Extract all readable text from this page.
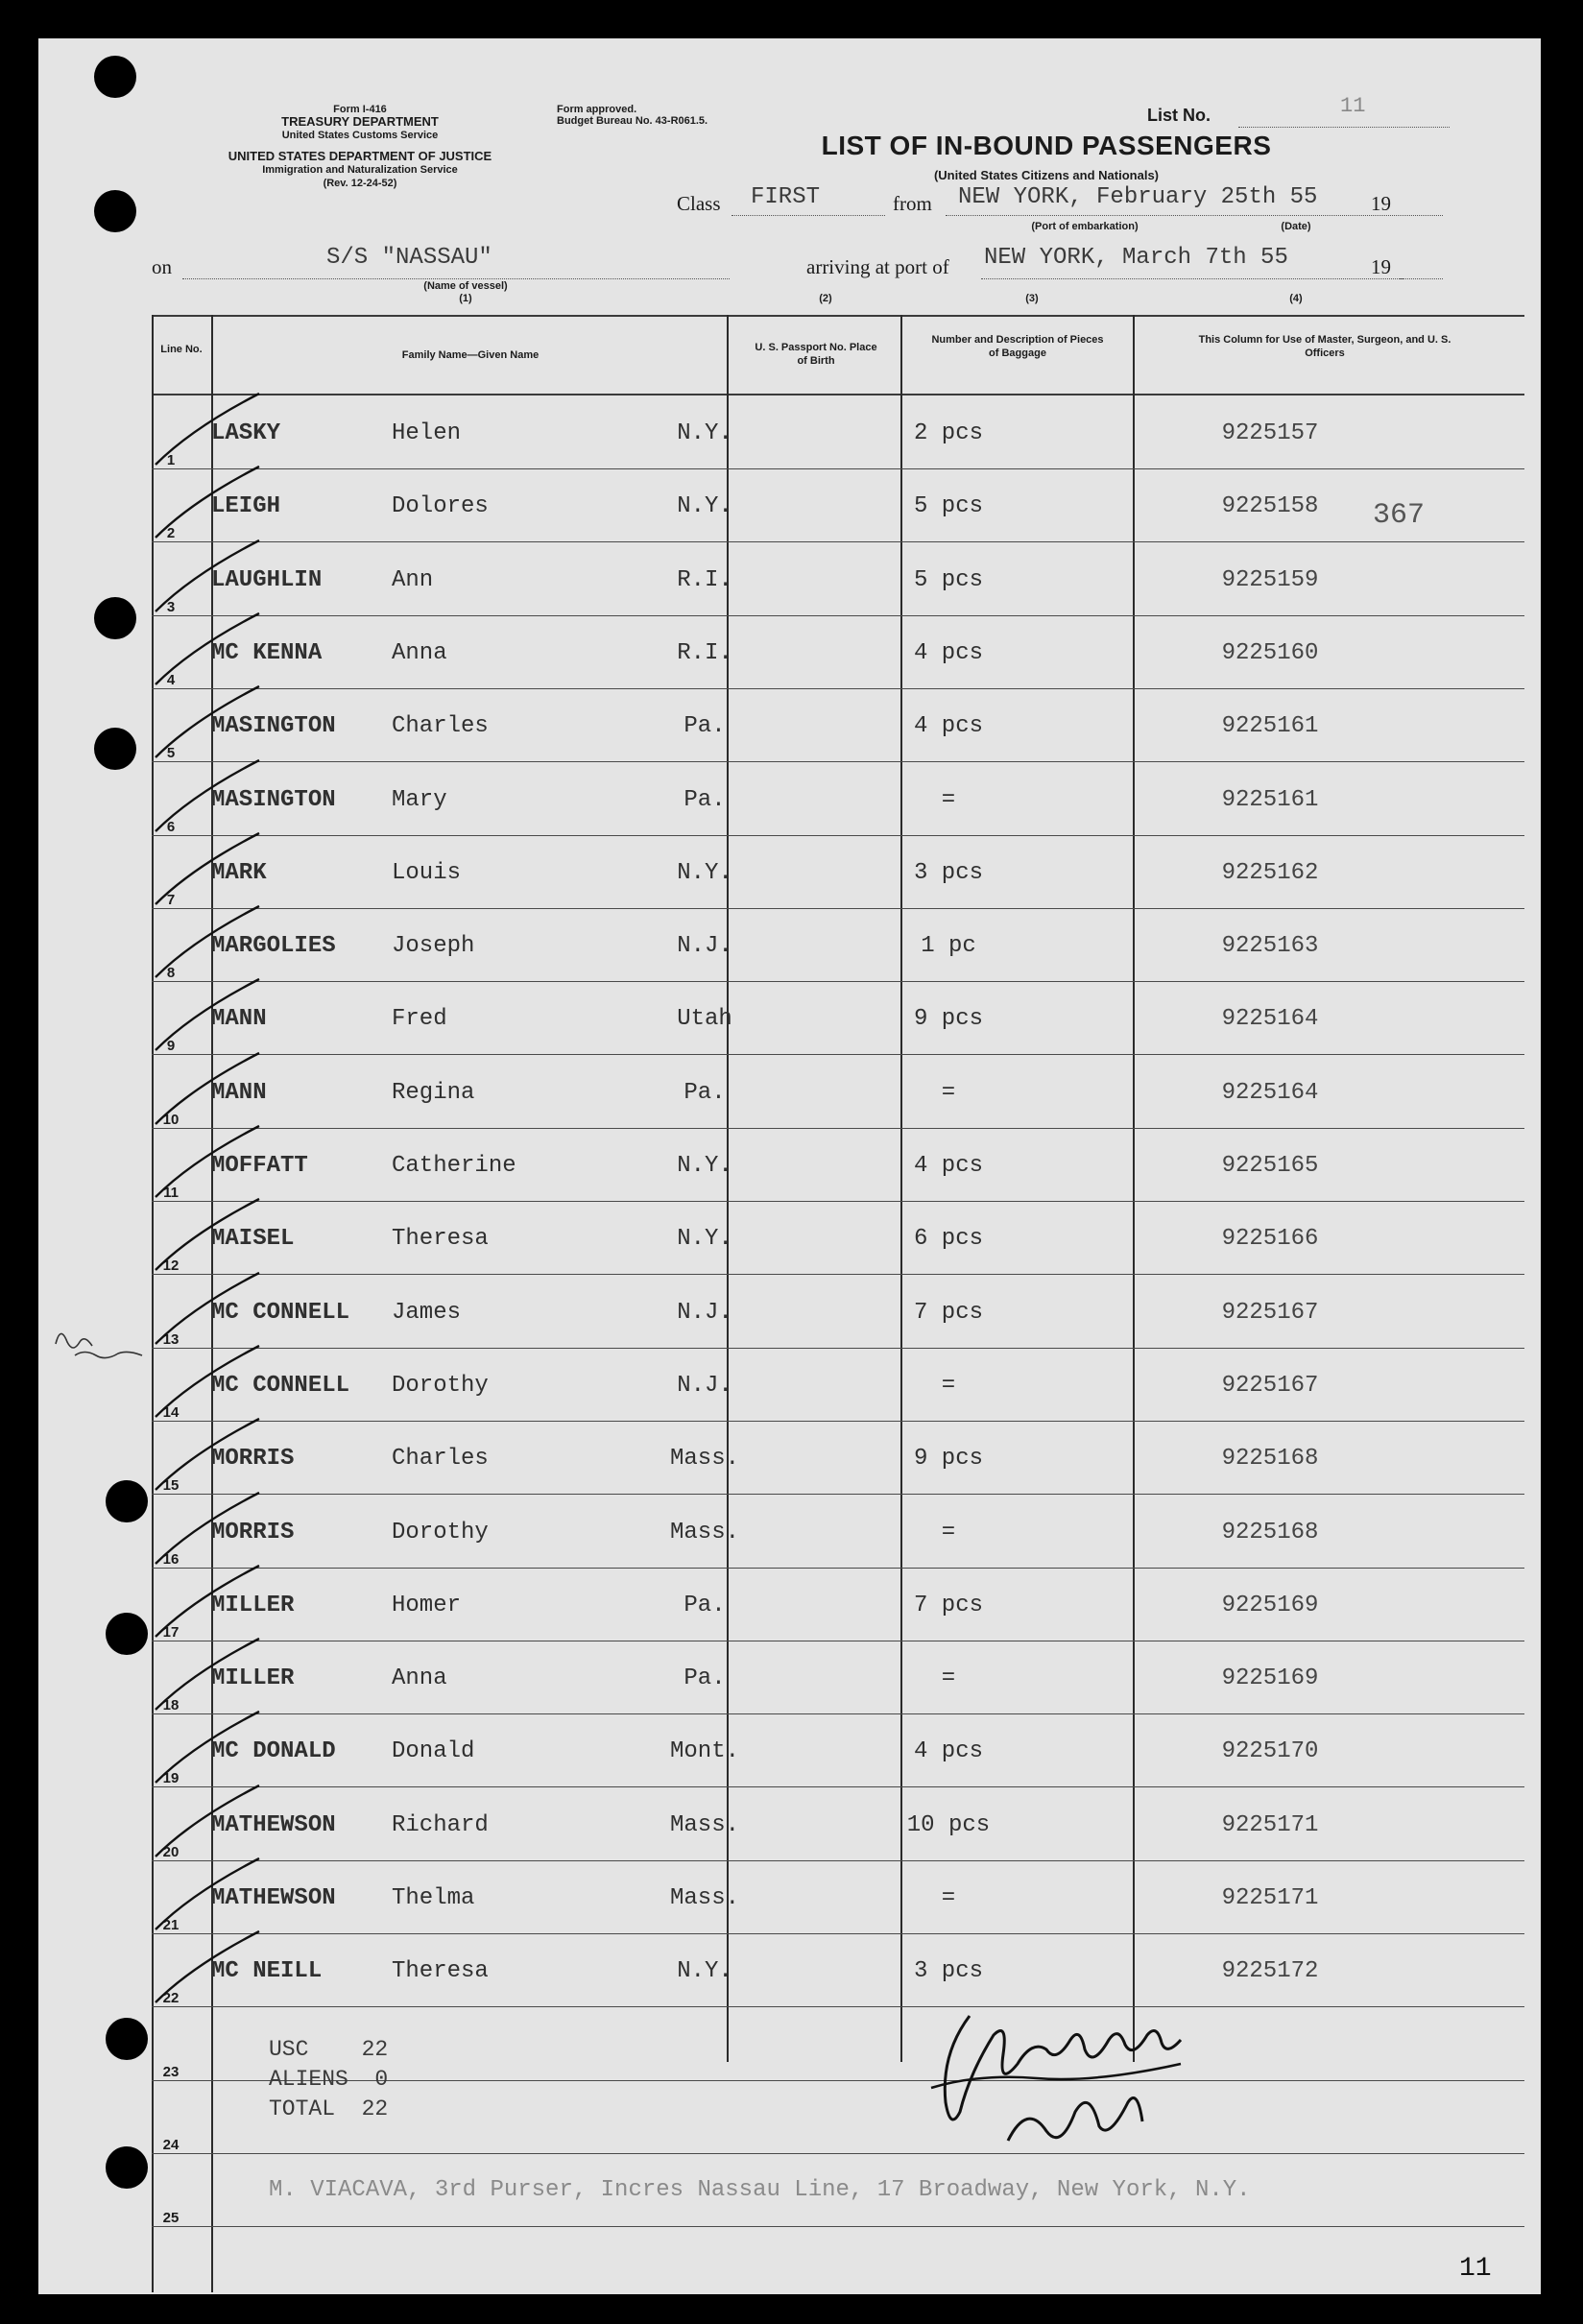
Form I-416
TREASURY DEPARTMENT
United States Customs Service
UNITED STATES DEPARTMENT OF JUSTICE
Immigration and Naturalization Service
(Rev. 12-24-52)
Form approved.
Budget Bureau No. 43-R061.5.	List No.	11
LIST OF IN-BOUND PASSENGERS
(United States Citizens and Nationals)
Class FIRST	from NEW YORK, February 25th 55	19
(Port of embarkation)	(Date)
on	S/S "NASSAU"
(Name of vessel)
(1)
arriving at port of NEW YORK, March 7th 55	19
(2)	(3)	(4)
Line No.	Family Name—Given Name
U. S. Passport No. Place of Birth
Number and Description of Pieces of Baggage
This Column for Use of Master, Surgeon, and U. S. Officers
1
LASKY	Helen	N.Y.	2 pcs	9225157
2
LEIGH	Dolores	N.Y.	5 pcs	9225158
3
LAUGHLIN	Ann	R.I.	5 pcs	9225159
4
MC KENNA	Anna	R.I.	4 pcs	9225160
5
MASINGTON Charles	Pa.	4 pcs	9225161
6
MASINGTON Mary	Pa.	=	9225161
7
MARK	Louis	N.Y.	3 pcs	9225162
8
MARGOLIES Joseph	N.J.	1 pc	9225163
9
MANN	Fred	Utah	9 pcs	9225164
10
MANN	Regina	Pa.	=	9225164
11
MOFFATT	Catherine	N.Y.	4 pcs	9225165
12
MAISEL	Theresa	N.Y.	6 pcs	9225166
13
MC CONNELL James	N.J.	7 pcs	9225167
14
MC CONNELL Dorothy	N.J.	=	9225167
15
MORRIS	Charles	Mass.	9 pcs	9225168
16
MORRIS	Dorothy	Mass.	=	9225168
17
MILLER	Homer	Pa.	7 pcs	9225169
18
MILLER	Anna	Pa.	=	9225169
19
MC DONALD Donald	Mont.	4 pcs	9225170
20
MATHEWSON Richard	Mass.	10 pcs	9225171
21
MATHEWSON Thelma	Mass.	=	9225171
22
MC NEILL	Theresa	N.Y.	3 pcs	9225172
23
24
25
367
USC    22
ALIENS  0
TOTAL  22
M. VIACAVA, 3rd Purser, Incres Nassau Line, 17 Broadway, New York, N.Y.
11
